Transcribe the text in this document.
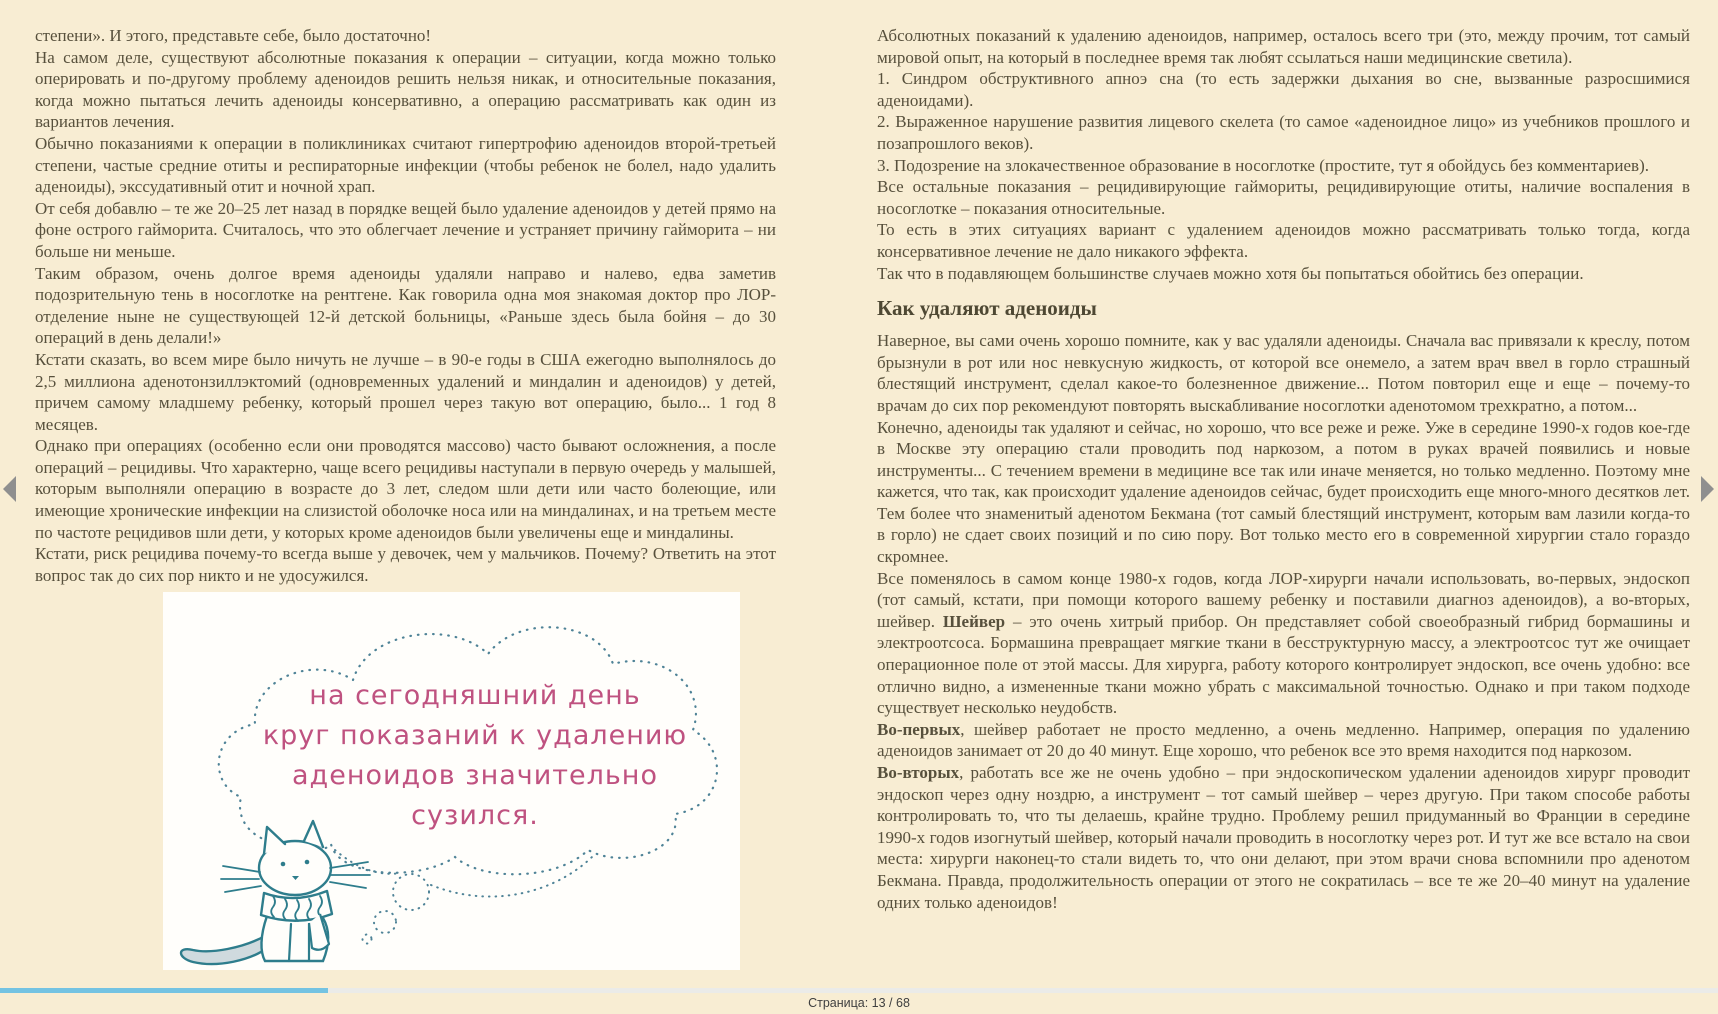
степени». И этого, представьте себе, было достаточно!

На самом деле, существуют абсолютные показания к операции – ситуации, когда можно только оперировать и по-другому проблему аденоидов решить нельзя никак, и относительные показания, когда можно пытаться лечить аденоиды консервативно, а операцию рассматривать как один из вариантов лечения.

Обычно показаниями к операции в поликлиниках считают гипертрофию аденоидов второй-третьей степени, частые средние отиты и респираторные инфекции (чтобы ребенок не болел, надо удалить аденоиды), экссудативный отит и ночной храп.

От себя добавлю – те же 20–25 лет назад в порядке вещей было удаление аденоидов у детей прямо на фоне острого гайморита. Считалось, что это облегчает лечение и устраняет причину гайморита – ни больше ни меньше.

Таким образом, очень долгое время аденоиды удаляли направо и налево, едва заметив подозрительную тень в носоглотке на рентгене. Как говорила одна моя знакомая доктор про ЛОР-отделение ныне не существующей 12-й детской больницы, «Раньше здесь была бойня – до 30 операций в день делали!»

Кстати сказать, во всем мире было ничуть не лучше – в 90-е годы в США ежегодно выполнялось до 2,5 миллиона аденотонзиллэктомий (одновременных удалений и миндалин и аденоидов) у детей, причем самому младшему ребенку, который прошел через такую вот операцию, было... 1 год 8 месяцев.

Однако при операциях (особенно если они проводятся массово) часто бывают осложнения, а после операций – рецидивы. Что характерно, чаще всего рецидивы наступали в первую очередь у малышей, которым выполняли операцию в возрасте до 3 лет, следом шли дети или часто болеющие, или имеющие хронические инфекции на слизистой оболочке носа или на миндалинах, и на третьем месте по частоте рецидивов шли дети, у которых кроме аденоидов были увеличены еще и миндалины.

Кстати, риск рецидива почему-то всегда выше у девочек, чем у мальчиков. Почему? Ответить на этот вопрос так до сих пор никто и не удосужился.

на сегодняшний день
круг показаний к удалению
аденоидов значительно
сузился.

Абсолютных показаний к удалению аденоидов, например, осталось всего три (это, между прочим, тот самый мировой опыт, на который в последнее время так любят ссылаться наши медицинские светила).

1. Синдром обструктивного апноэ сна (то есть задержки дыхания во сне, вызванные разросшимися аденоидами).

2. Выраженное нарушение развития лицевого скелета (то самое «аденоидное лицо» из учебников прошлого и позапрошлого веков).

3. Подозрение на злокачественное образование в носоглотке (простите, тут я обойдусь без комментариев).

Все остальные показания – рецидивирующие гаймориты, рецидивирующие отиты, наличие воспаления в носоглотке – показания относительные.

То есть в этих ситуациях вариант с удалением аденоидов можно рассматривать только тогда, когда консервативное лечение не дало никакого эффекта.

Так что в подавляющем большинстве случаев можно хотя бы попытаться обойтись без операции.

Как удаляют аденоиды

Наверное, вы сами очень хорошо помните, как у вас удаляли аденоиды. Сначала вас привязали к креслу, потом брызнули в рот или нос невкусную жидкость, от которой все онемело, а затем врач ввел в горло страшный блестящий инструмент, сделал какое-то болезненное движение... Потом повторил еще и еще – почему-то врачам до сих пор рекомендуют повторять выскабливание носоглотки аденотомом трехкратно, а потом...

Конечно, аденоиды так удаляют и сейчас, но хорошо, что все реже и реже. Уже в середине 1990-х годов кое-где в Москве эту операцию стали проводить под наркозом, а потом в руках врачей появились и новые инструменты... С течением времени в медицине все так или иначе меняется, но только медленно. Поэтому мне кажется, что так, как происходит удаление аденоидов сейчас, будет происходить еще много-много десятков лет. Тем более что знаменитый аденотом Бекмана (тот самый блестящий инструмент, которым вам лазили когда-то в горло) не сдает своих позиций и по сию пору. Вот только место его в современной хирургии стало гораздо скромнее.

Все поменялось в самом конце 1980-х годов, когда ЛОР-хирурги начали использовать, во-первых, эндоскоп (тот самый, кстати, при помощи которого вашему ребенку и поставили диагноз аденоидов), а во-вторых, шейвер. Шейвер – это очень хитрый прибор. Он представляет собой своеобразный гибрид бормашины и электроотсоса. Бормашина превращает мягкие ткани в бесструктурную массу, а электроотсос тут же очищает операционное поле от этой массы. Для хирурга, работу которого контролирует эндоскоп, все очень удобно: все отлично видно, а измененные ткани можно убрать с максимальной точностью. Однако и при таком подходе существует несколько неудобств.

Во-первых, шейвер работает не просто медленно, а очень медленно. Например, операция по удалению аденоидов занимает от 20 до 40 минут. Еще хорошо, что ребенок все это время находится под наркозом.

Во-вторых, работать все же не очень удобно – при эндоскопическом удалении аденоидов хирург проводит эндоскоп через одну ноздрю, а инструмент – тот самый шейвер – через другую. При таком способе работы контролировать то, что ты делаешь, крайне трудно. Проблему решил придуманный во Франции в середине 1990-х годов изогнутый шейвер, который начали проводить в носоглотку через рот. И тут же все встало на свои места: хирурги наконец-то стали видеть то, что они делают, при этом врачи снова вспомнили про аденотом Бекмана. Правда, продолжительность операции от этого не сократилась – все те же 20–40 минут на удаление одних только аденоидов!

Страница: 13 / 68
